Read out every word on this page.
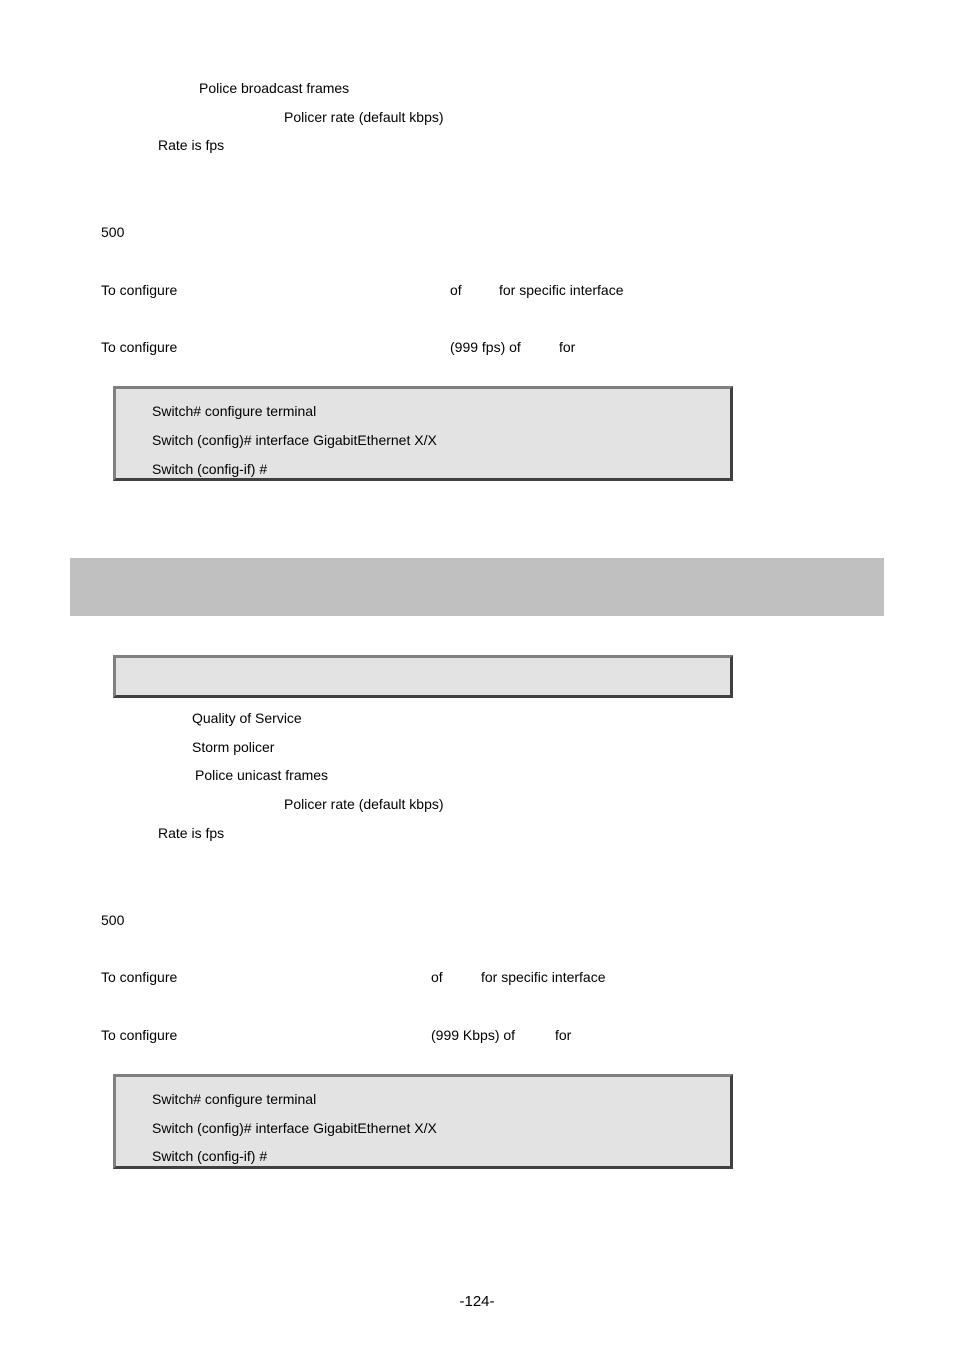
Police broadcast frames
Policer rate (default kbps)
Rate is fps
500
To configure	of	for specific interface
To configure	(999 fps) of	for
Switch# configure terminal
Switch (config)# interface GigabitEthernet X/X
Switch (config-if) #
Quality of Service
Storm policer
Police unicast frames
Policer rate (default kbps)
Rate is fps
500
To configure	of	for specific interface
To configure	(999 Kbps) of	for
Switch# configure terminal
Switch (config)# interface GigabitEthernet X/X
Switch (config-if) #
-124-
